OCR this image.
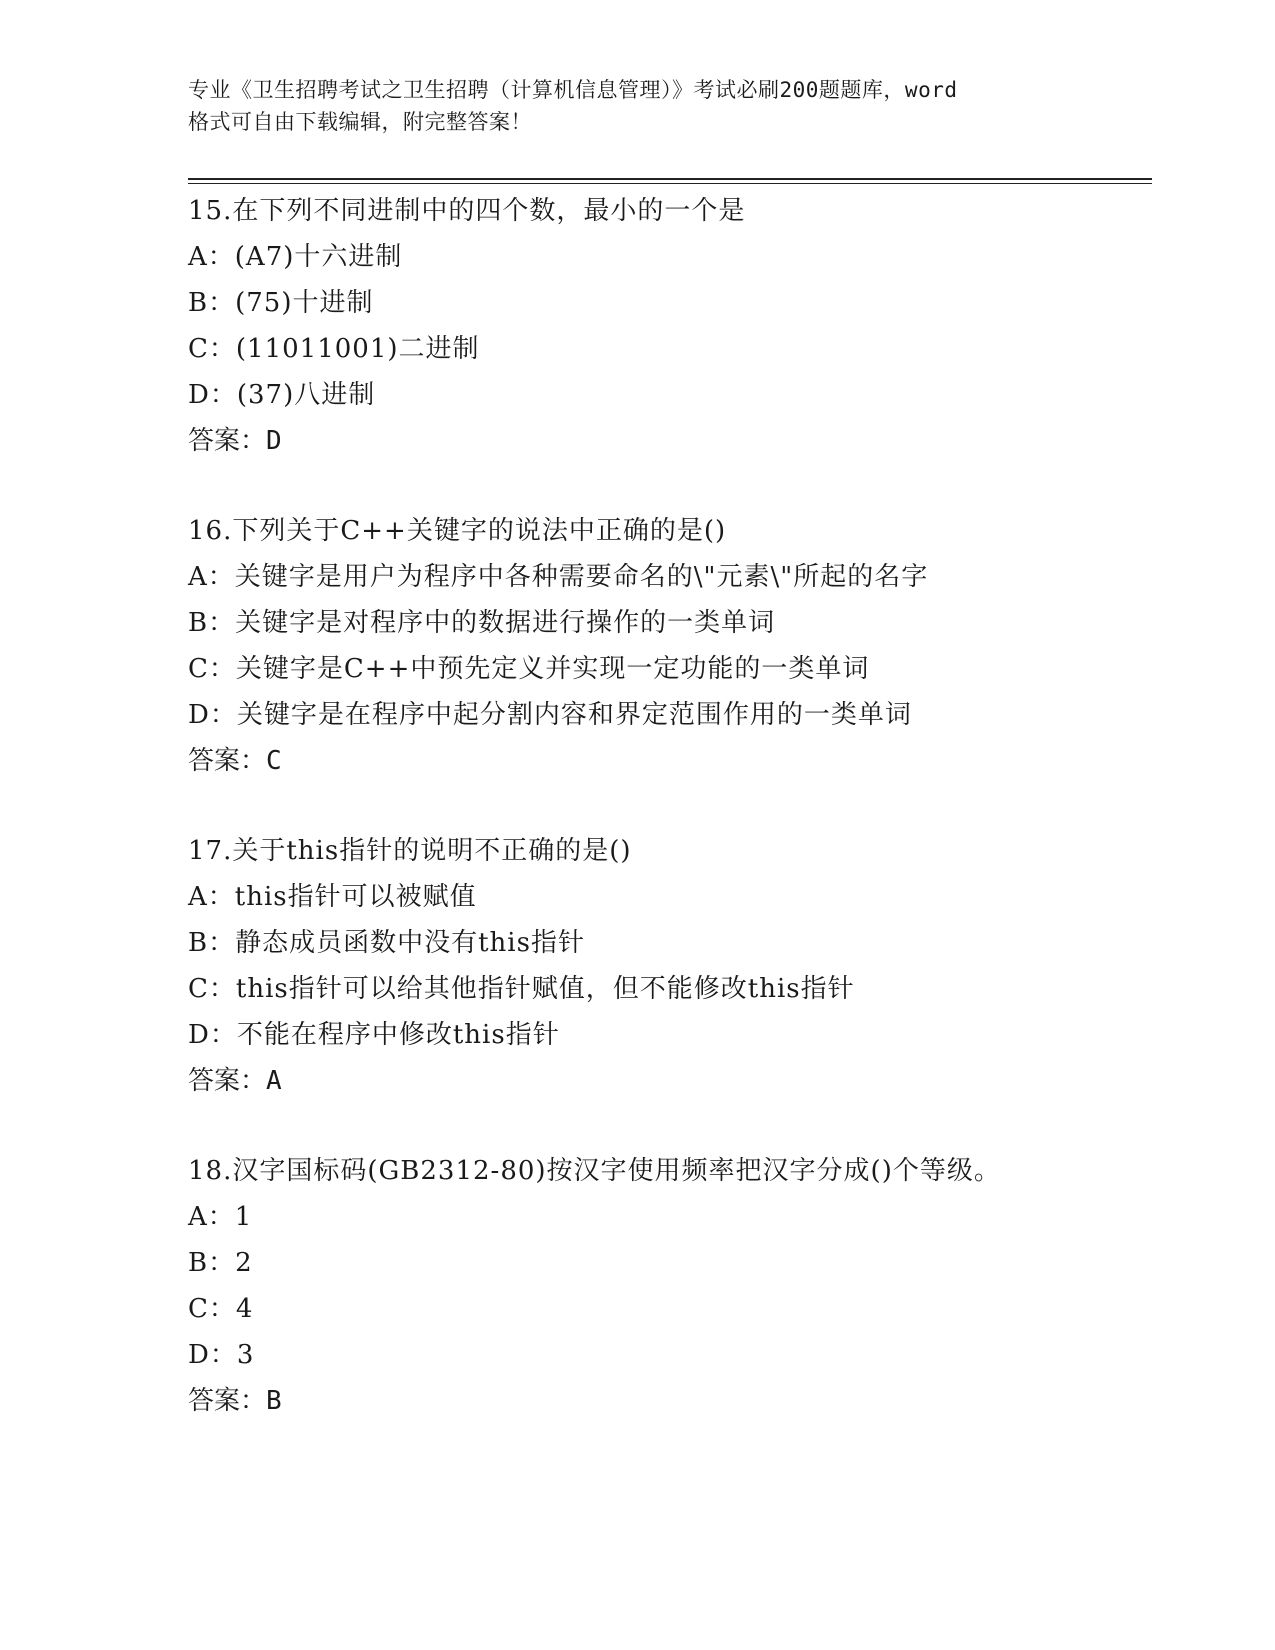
专业《卫生招聘考试之卫生招聘（计算机信息管理）》考试必刷200题题库，word
格式可自由下载编辑，附完整答案！
15.在下列不同进制中的四个数，最小的一个是
A：(A7)十六进制
B：(75)十进制
C：(11011001)二进制
D：(37)八进制
答案：D
16.下列关于C++关键字的说法中正确的是()
A：关键字是用户为程序中各种需要命名的\"元素\"所起的名字
B：关键字是对程序中的数据进行操作的一类单词
C：关键字是C++中预先定义并实现一定功能的一类单词
D：关键字是在程序中起分割内容和界定范围作用的一类单词
答案：C
17.关于this指针的说明不正确的是()
A：this指针可以被赋值
B：静态成员函数中没有this指针
C：this指针可以给其他指针赋值，但不能修改this指针
D：不能在程序中修改this指针
答案：A
18.汉字国标码(GB2312-80)按汉字使用频率把汉字分成()个等级。
A：1
B：2
C：4
D：3
答案：B
